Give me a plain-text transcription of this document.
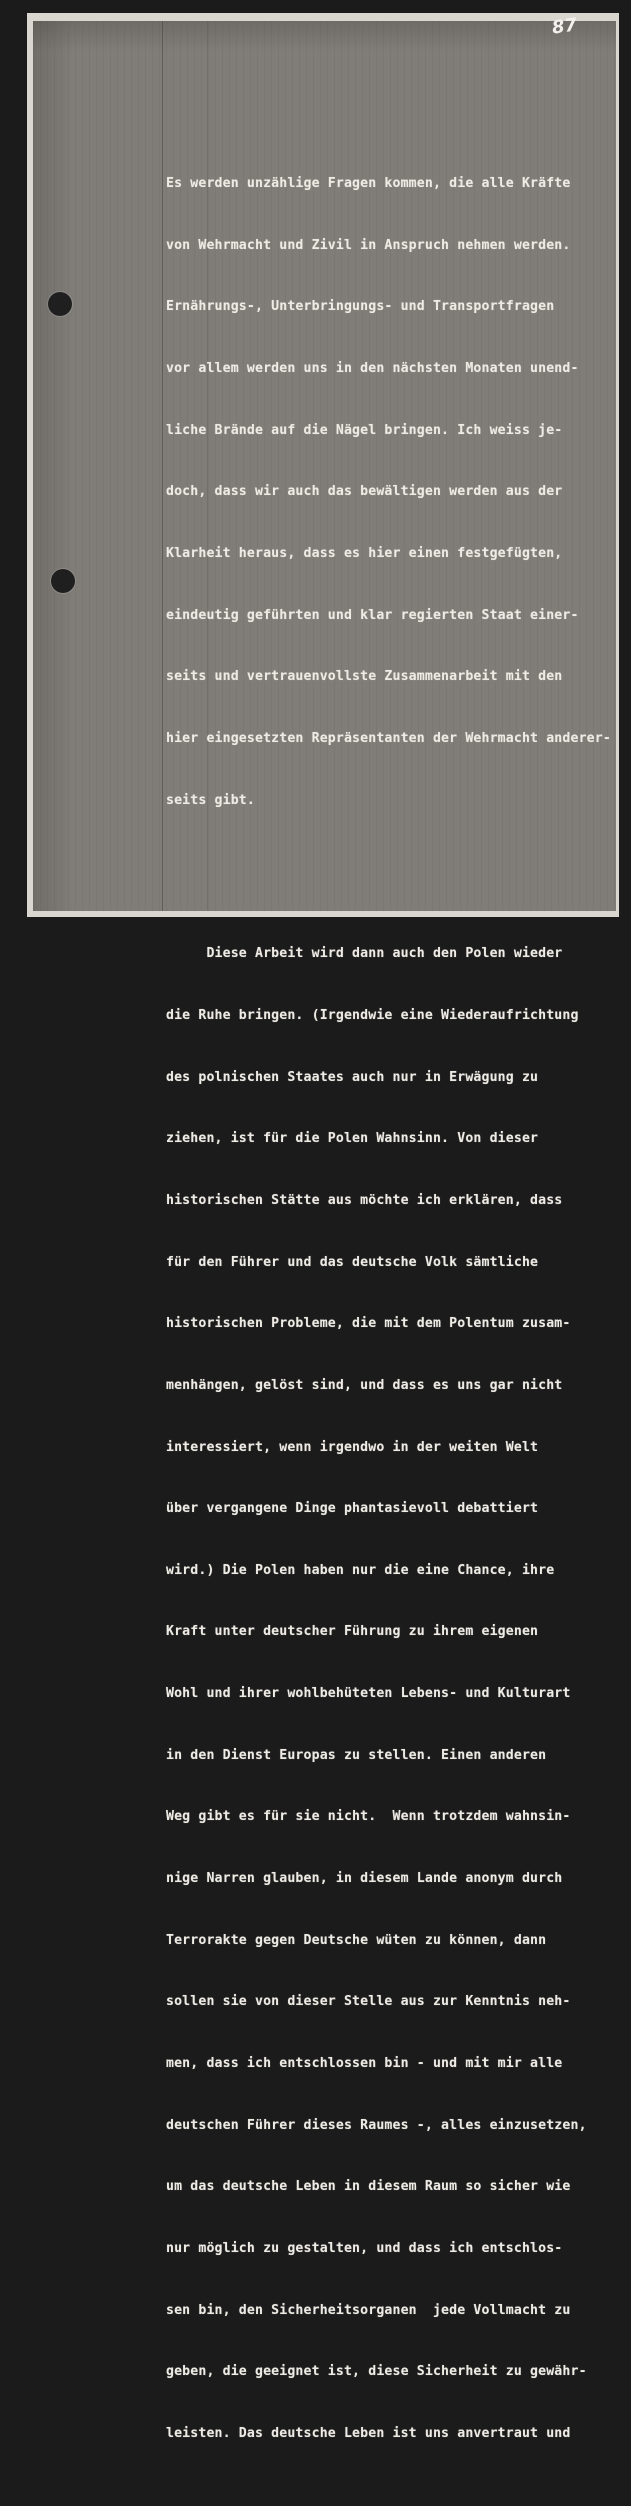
87

Es werden unzählige Fragen kommen, die alle Kräfte

von Wehrmacht und Zivil in Anspruch nehmen werden.

Ernährungs-, Unterbringungs- und Transportfragen

vor allem werden uns in den nächsten Monaten unend-

liche Brände auf die Nägel bringen. Ich weiss je-

doch, dass wir auch das bewältigen werden aus der

Klarheit heraus, dass es hier einen festgefügten,

eindeutig geführten und klar regierten Staat einer-

seits und vertrauenvollste Zusammenarbeit mit den

hier eingesetzten Repräsentanten der Wehrmacht anderer-

seits gibt.

Diese Arbeit wird dann auch den Polen wieder

die Ruhe bringen. (Irgendwie eine Wiederaufrichtung

des polnischen Staates auch nur in Erwägung zu

ziehen, ist für die Polen Wahnsinn. Von dieser

historischen Stätte aus möchte ich erklären, dass

für den Führer und das deutsche Volk sämtliche

historischen Probleme, die mit dem Polentum zusam-

menhängen, gelöst sind, und dass es uns gar nicht

interessiert, wenn irgendwo in der weiten Welt

über vergangene Dinge phantasievoll debattiert

wird.) Die Polen haben nur die eine Chance, ihre

Kraft unter deutscher Führung zu ihrem eigenen

Wohl und ihrer wohlbehüteten Lebens- und Kulturart

in den Dienst Europas zu stellen. Einen anderen

Weg gibt es für sie nicht.  Wenn trotzdem wahnsin-

nige Narren glauben, in diesem Lande anonym durch

Terrorakte gegen Deutsche wüten zu können, dann

sollen sie von dieser Stelle aus zur Kenntnis neh-

men, dass ich entschlossen bin - und mit mir alle

deutschen Führer dieses Raumes -, alles einzusetzen,

um das deutsche Leben in diesem Raum so sicher wie

nur möglich zu gestalten, und dass ich entschlos-

sen bin, den Sicherheitsorganen  jede Vollmacht zu

geben, die geeignet ist, diese Sicherheit zu gewähr-

leisten. Das deutsche Leben ist uns anvertraut und
